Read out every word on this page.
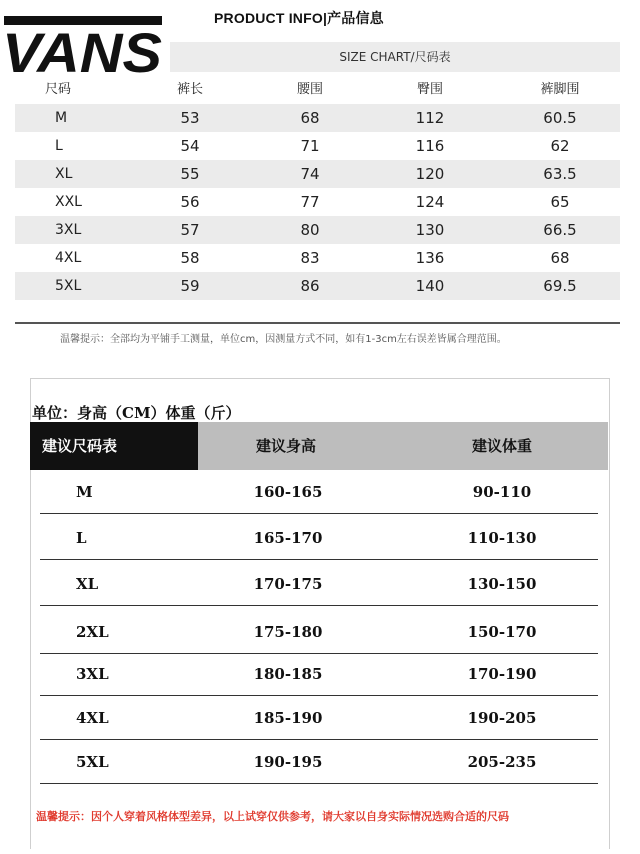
VANS
PRODUCT INFO|产品信息
SIZE CHART/尺码表
尺码	裤长	腰围	臀围	裤脚围
M	53	68	112	60.5
L	54	71	116	62
XL	55	74	120	63.5
XXL	56	77	124	65
3XL	57	80	130	66.5
4XL	58	83	136	68
5XL	59	86	140	69.5
温馨提示：全部均为平铺手工测量，单位cm，因测量方式不同，如有1-3cm左右误差皆属合理范围。
单位：身高（CM）体重（斤）
建议尺码表	建议身高	建议体重
M	160-165	90-110
L	165-170	110-130
XL	170-175	130-150
2XL	175-180	150-170
3XL	180-185	170-190
4XL	185-190	190-205
5XL	190-195	205-235
温馨提示：因个人穿着风格体型差异，以上试穿仅供参考，请大家以自身实际情况选购合适的尺码
